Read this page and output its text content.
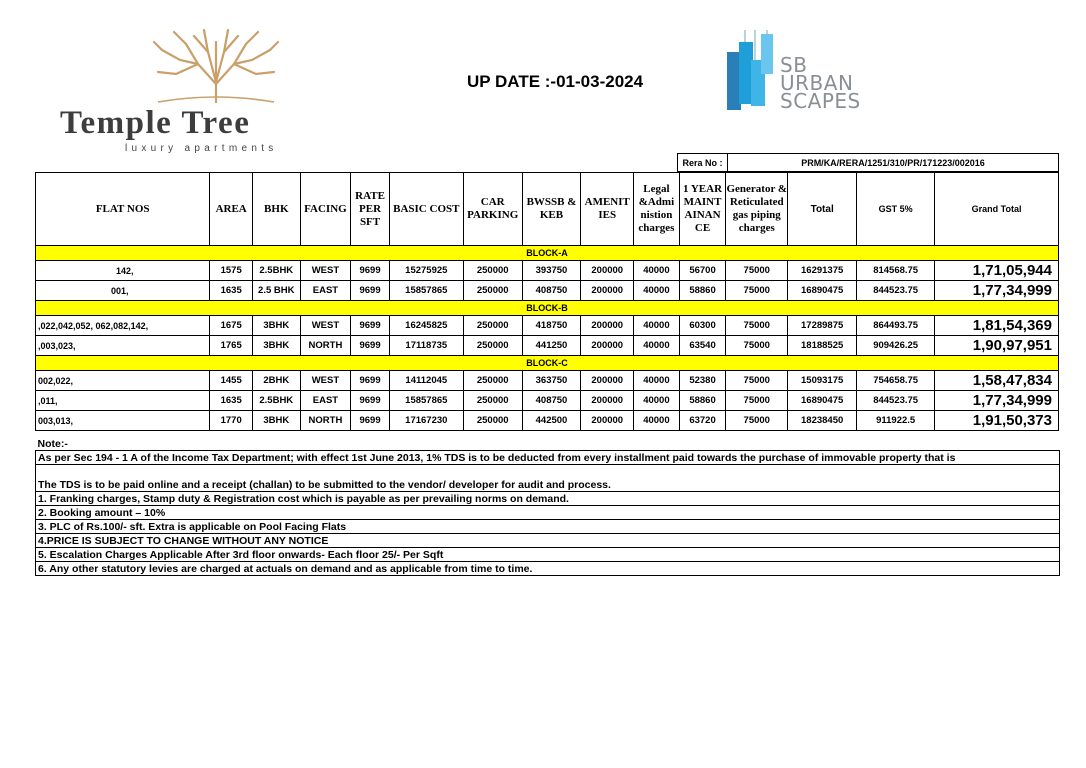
Temple Tree
luxury apartments
UP DATE :-01-03-2024
SB
URBAN
SCAPES
Rera No :	PRM/KA/RERA/1251/310/PR/171223/002016
FLAT NOS	AREA	BHK	FACING	RATE PER SFT	BASIC COST	CAR PARKING	BWSSB & KEB	AMENIT IES	Legal &Admi nistion charges	1 YEAR MAINT AINAN CE	Generator & Reticulated gas piping charges	Total	GST 5%	Grand Total
BLOCK-A														
142,	1575	2.5BHK	WEST	9699	15275925	250000	393750	200000	40000	56700	75000	16291375	814568.75	1,71,05,944
001,	1635	2.5 BHK	EAST	9699	15857865	250000	408750	200000	40000	58860	75000	16890475	844523.75	1,77,34,999
BLOCK-B														
,022,042,052, 062,082,142,	1675	3BHK	WEST	9699	16245825	250000	418750	200000	40000	60300	75000	17289875	864493.75	1,81,54,369
,003,023,	1765	3BHK	NORTH	9699	17118735	250000	441250	200000	40000	63540	75000	18188525	909426.25	1,90,97,951
BLOCK-C														
002,022,	1455	2BHK	WEST	9699	14112045	250000	363750	200000	40000	52380	75000	15093175	754658.75	1,58,47,834
,011,	1635	2.5BHK	EAST	9699	15857865	250000	408750	200000	40000	58860	75000	16890475	844523.75	1,77,34,999
003,013,	1770	3BHK	NORTH	9699	17167230	250000	442500	200000	40000	63720	75000	18238450	911922.5	1,91,50,373
Note:-
As per Sec 194 - 1 A of the Income Tax Department; with effect 1st June 2013, 1% TDS is to be deducted from every installment paid towards the purchase of immovable property that is
The TDS is to be paid online and a receipt (challan) to be submitted to the vendor/ developer for audit and process.
1. Franking charges, Stamp duty & Registration cost which is payable as per prevailing norms on demand.
2. Booking amount – 10%
3. PLC of Rs.100/- sft. Extra is applicable on Pool Facing Flats
4.PRICE IS SUBJECT TO CHANGE WITHOUT ANY NOTICE
5. Escalation Charges Applicable After 3rd floor onwards- Each floor 25/- Per Sqft
6. Any other statutory levies are charged at actuals on demand and as applicable from time to time.
